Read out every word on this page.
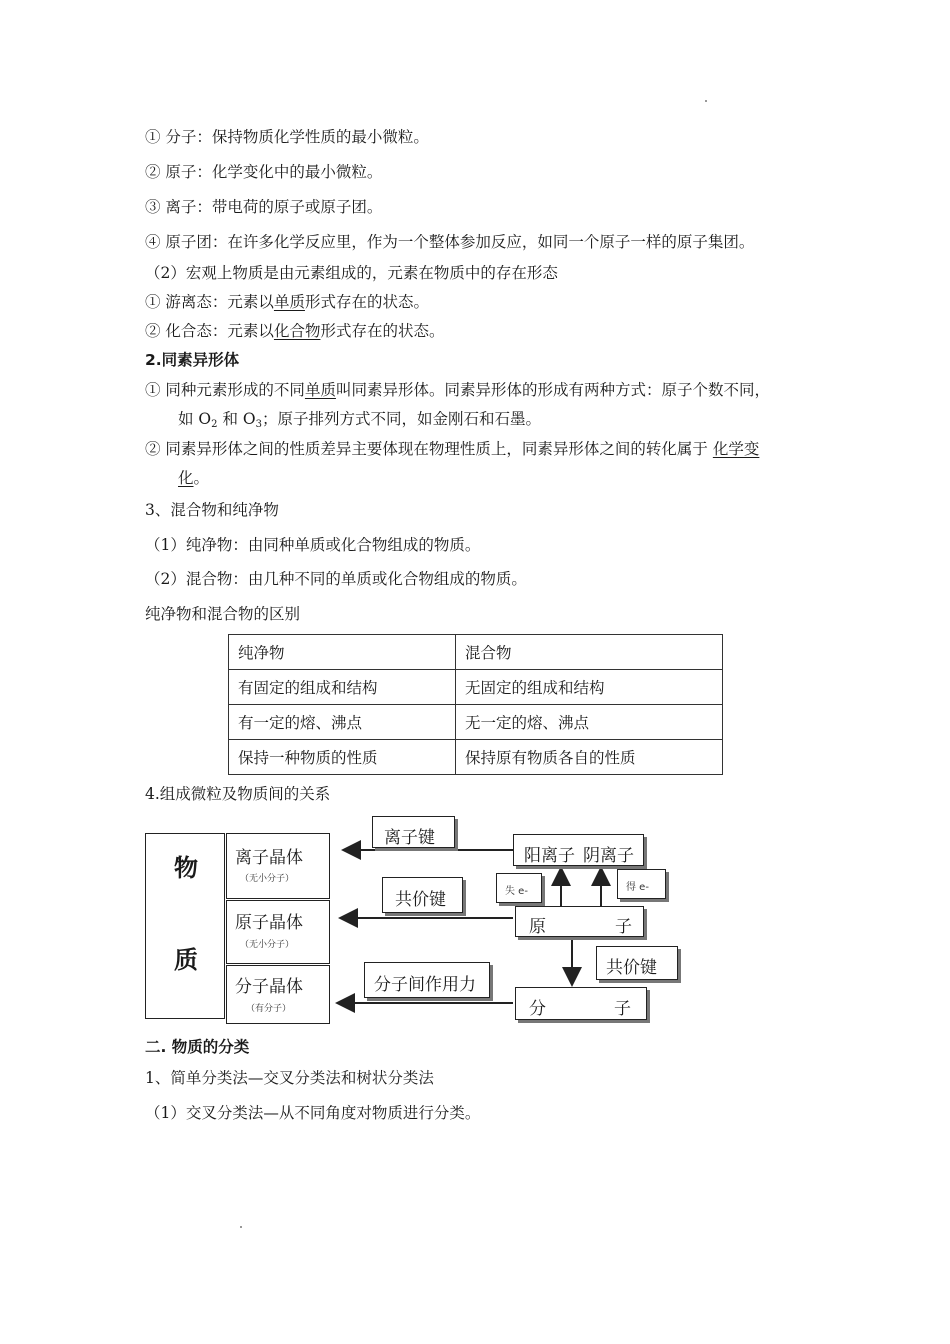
① 分子：保持物质化学性质的最小微粒。
② 原子：化学变化中的最小微粒。
③ 离子：带电荷的原子或原子团。
④ 原子团：在许多化学反应里，作为一个整体参加反应，如同一个原子一样的原子集团。
（2）宏观上物质是由元素组成的，元素在物质中的存在形态
① 游离态：元素以单质形式存在的状态。
② 化合态：元素以化合物形式存在的状态。
2.同素异形体
① 同种元素形成的不同单质叫同素异形体。同素异形体的形成有两种方式：原子个数不同，
如 $O_2$ 和 $O_3$；原子排列方式不同，如金刚石和石墨。
② 同素异形体之间的性质差异主要体现在物理性质上，同素异形体之间的转化属于 化学变
化。
3、混合物和纯净物
（1）纯净物：由同种单质或化合物组成的物质。
（2）混合物：由几种不同的单质或化合物组成的物质。
纯净物和混合物的区别
纯净物	混合物
有固定的组成和结构	无固定的组成和结构
有一定的熔、沸点	无一定的熔、沸点
保持一种物质的性质	保持原有物质各自的性质
4.组成微粒及物质间的关系
物
质
离子晶体
（无小分子）
原子晶体
（无小分子）
分子晶体
（有分子）
离子键
共价键
分子间作用力
阳离子 阴离子
失 e-	得 e-
原	子
共价键
分	子
二. 物质的分类
1、简单分类法—交叉分类法和树状分类法
（1）交叉分类法—从不同角度对物质进行分类。
